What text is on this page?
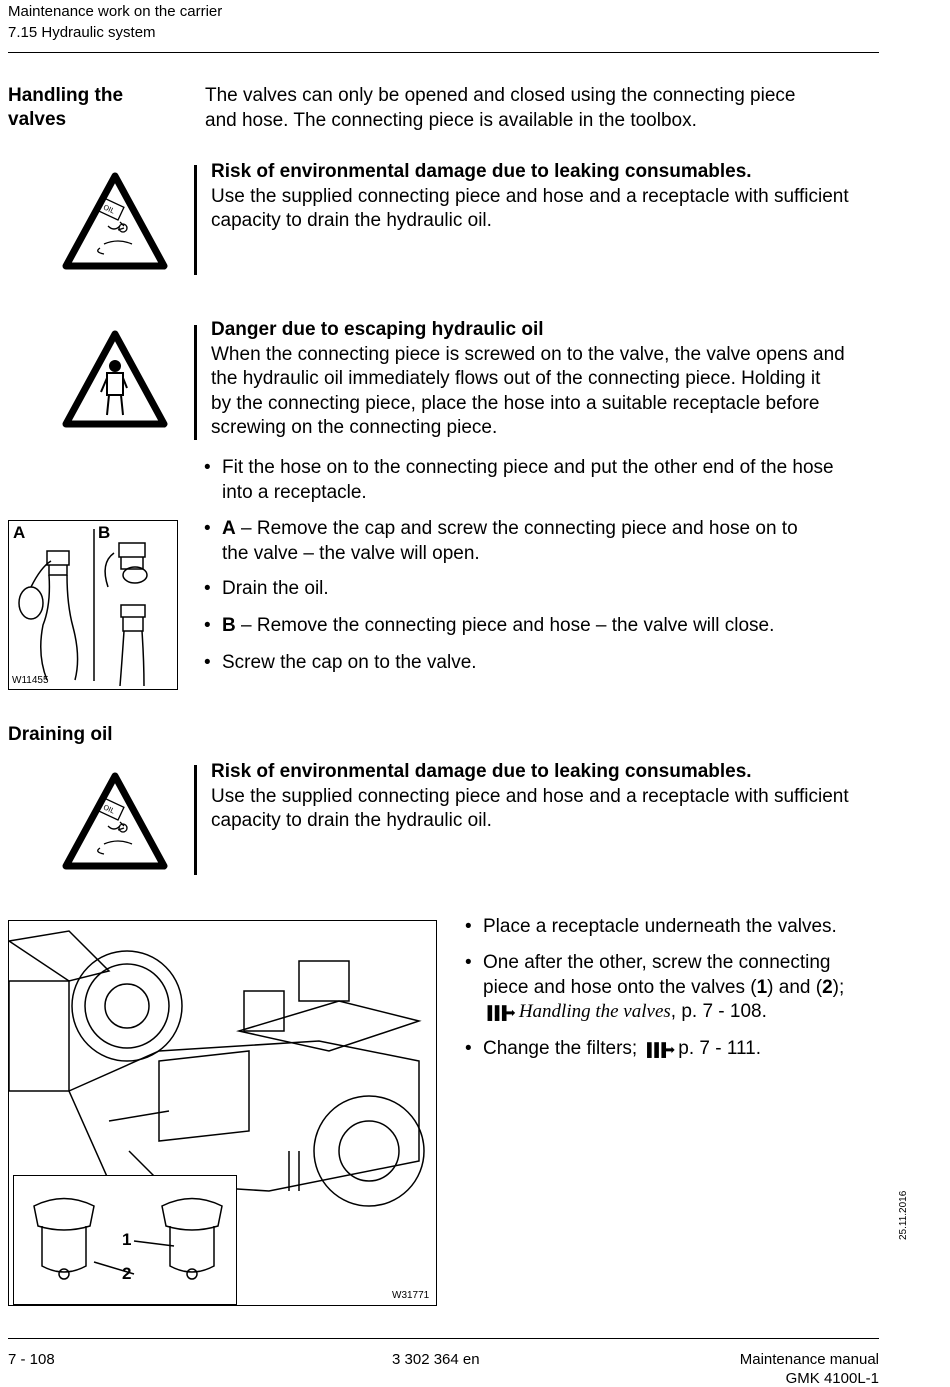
Maintenance work on the carrier
7.15 Hydraulic system
Handling the
valves
The valves can only be opened and closed using the connecting piece
and hose. The connecting piece is available in the toolbox.
OIL
Risk of environmental damage due to leaking consumables.
Use the supplied connecting piece and hose and a receptacle with sufficient
capacity to drain the hydraulic oil.
Danger due to escaping hydraulic oil
When the connecting piece is screwed on to the valve, the valve opens and
the hydraulic oil immediately flows out of the connecting piece. Holding it
by the connecting piece, place the hose into a suitable receptacle before
screwing on the connecting piece.
A	B
W11455
• Fit the hose on to the connecting piece and put the other end of the hose
into a receptacle.
• A – Remove the cap and screw the connecting piece and hose on to
the valve – the valve will open.
• Drain the oil.
• B – Remove the connecting piece and hose – the valve will close.
• Screw the cap on to the valve.
Draining oil
OIL
Risk of environmental damage due to leaking consumables.
Use the supplied connecting piece and hose and a receptacle with sufficient
capacity to drain the hydraulic oil.
1
2
W31771
• Place a receptacle underneath the valves.
• One after the other, screw the connecting
piece and hose onto the valves (1) and (2);
▐▐▐➡ Handling the valves, p. 7 - 108.
• Change the filters; ▐▐▐➡ p. 7 - 111.
25.11.2016
7 - 108	3 302 364 en	Maintenance manual
GMK 4100L-1
